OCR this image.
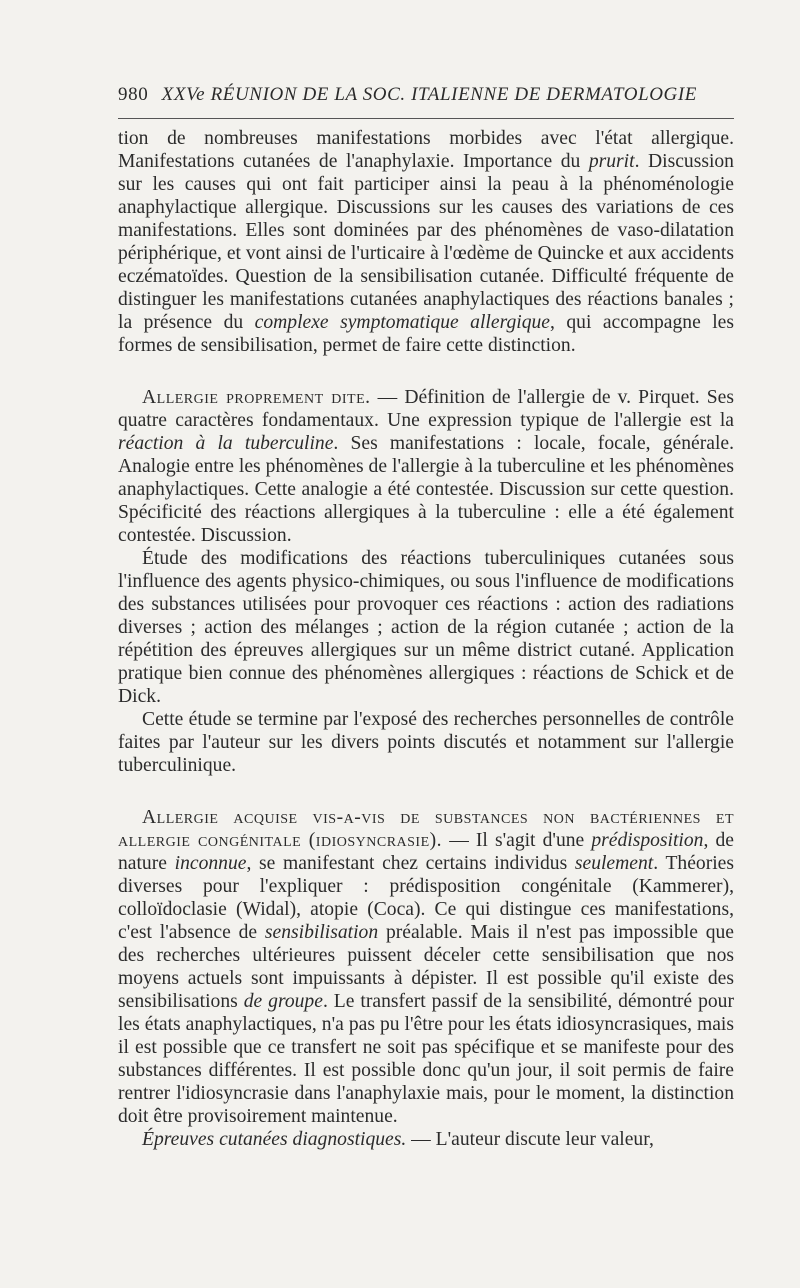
980 XXVe RÉUNION DE LA SOC. ITALIENNE DE DERMATOLOGIE

tion de nombreuses manifestations morbides avec l'état allergique. Manifestations cutanées de l'anaphylaxie. Importance du prurit. Discussion sur les causes qui ont fait participer ainsi la peau à la phénoménologie anaphylactique allergique. Discussions sur les causes des variations de ces manifestations. Elles sont dominées par des phénomènes de vaso-dilatation périphérique, et vont ainsi de l'urticaire à l'œdème de Quincke et aux accidents eczématoïdes. Question de la sensibilisation cutanée. Difficulté fréquente de distinguer les manifestations cutanées anaphylactiques des réactions banales ; la présence du complexe symptomatique allergique, qui accompagne les formes de sensibilisation, permet de faire cette distinction.

Allergie proprement dite. — Définition de l'allergie de v. Pirquet. Ses quatre caractères fondamentaux. Une expression typique de l'allergie est la réaction à la tuberculine. Ses manifestations : locale, focale, générale. Analogie entre les phénomènes de l'allergie à la tuberculine et les phénomènes anaphylactiques. Cette analogie a été contestée. Discussion sur cette question. Spécificité des réactions allergiques à la tuberculine : elle a été également contestée. Discussion.

Étude des modifications des réactions tuberculiniques cutanées sous l'influence des agents physico-chimiques, ou sous l'influence de modifications des substances utilisées pour provoquer ces réactions : action des radiations diverses ; action des mélanges ; action de la région cutanée ; action de la répétition des épreuves allergiques sur un même district cutané. Application pratique bien connue des phénomènes allergiques : réactions de Schick et de Dick.

Cette étude se termine par l'exposé des recherches personnelles de contrôle faites par l'auteur sur les divers points discutés et notamment sur l'allergie tuberculinique.

Allergie acquise vis-a-vis de substances non bactériennes et allergie congénitale (idiosyncrasie). — Il s'agit d'une prédisposition, de nature inconnue, se manifestant chez certains individus seulement. Théories diverses pour l'expliquer : prédisposition congénitale (Kammerer), colloïdoclasie (Widal), atopie (Coca). Ce qui distingue ces manifestations, c'est l'absence de sensibilisation préalable. Mais il n'est pas impossible que des recherches ultérieures puissent déceler cette sensibilisation que nos moyens actuels sont impuissants à dépister. Il est possible qu'il existe des sensibilisations de groupe. Le transfert passif de la sensibilité, démontré pour les états anaphylactiques, n'a pas pu l'être pour les états idiosyncrasiques, mais il est possible que ce transfert ne soit pas spécifique et se manifeste pour des substances différentes. Il est possible donc qu'un jour, il soit permis de faire rentrer l'idiosyncrasie dans l'anaphylaxie mais, pour le moment, la distinction doit être provisoirement maintenue.

Épreuves cutanées diagnostiques. — L'auteur discute leur valeur,
